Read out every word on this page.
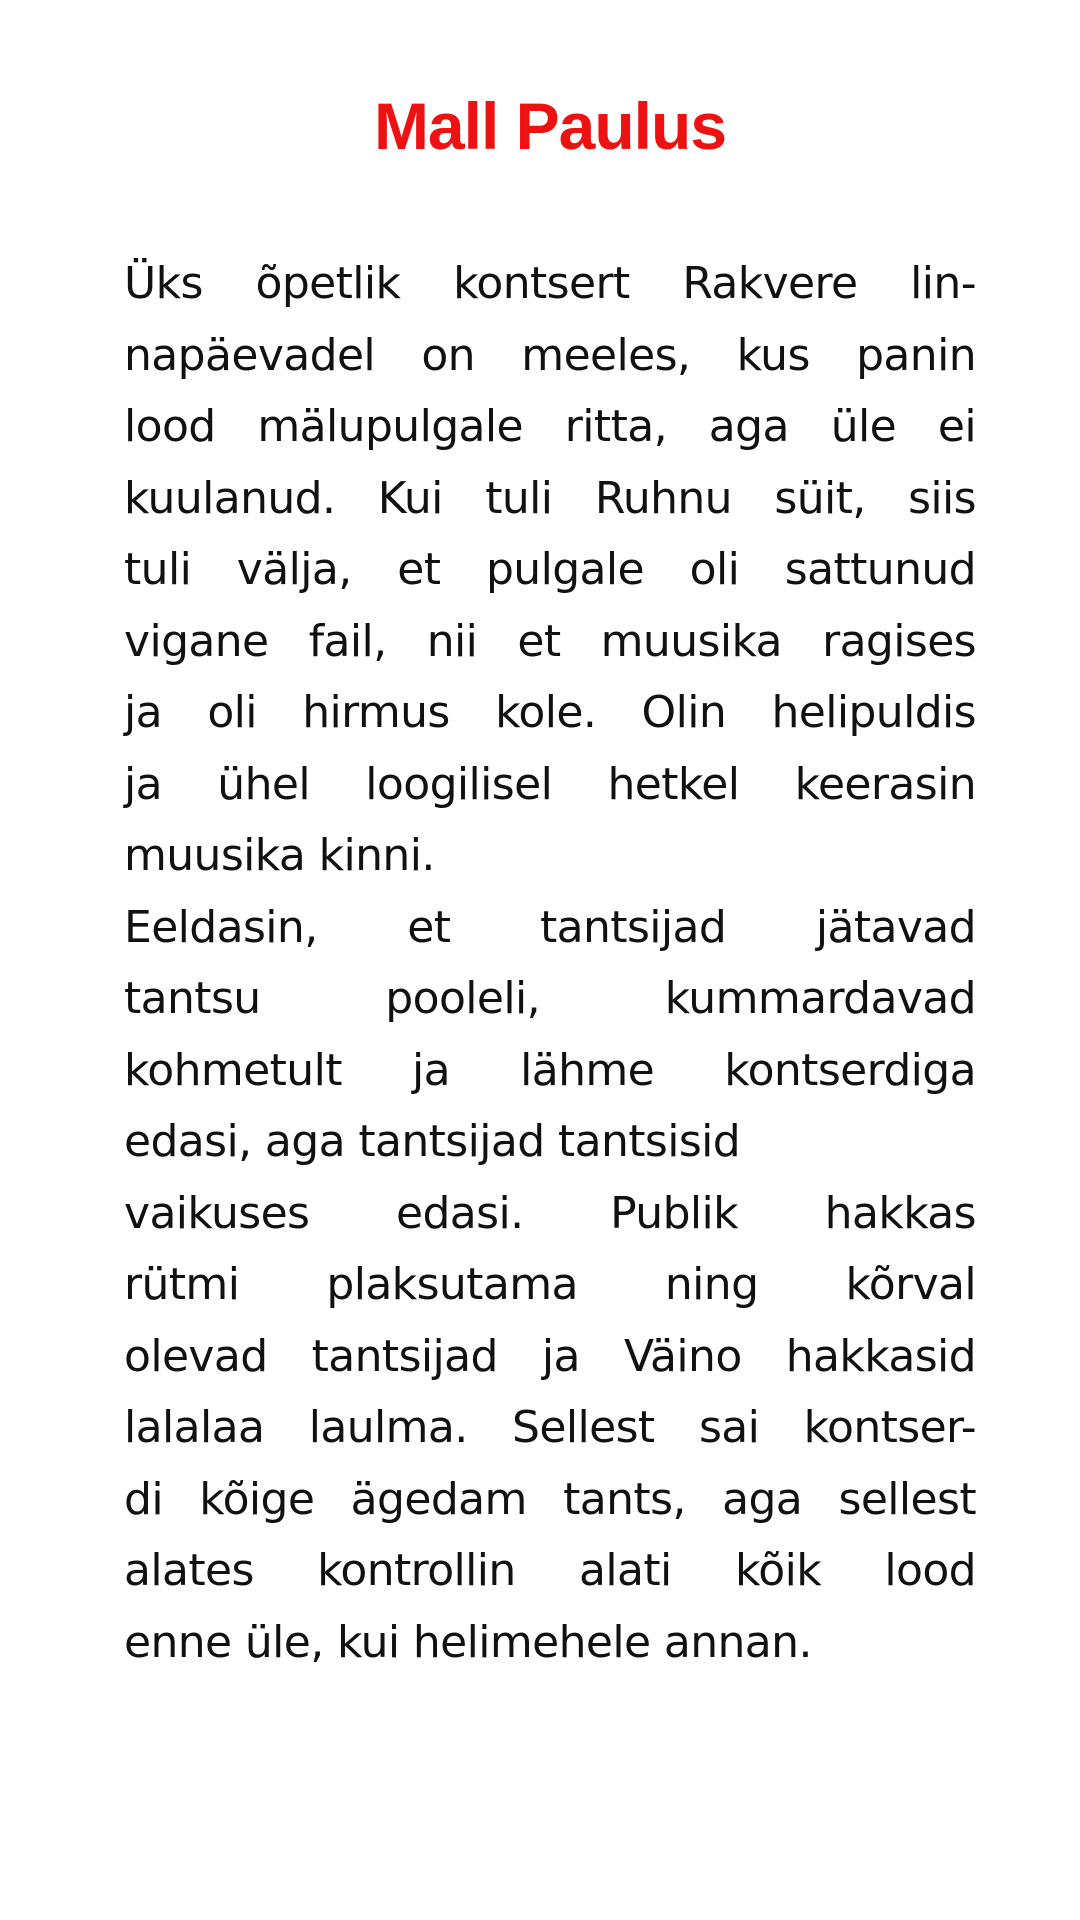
Mall Paulus

Üks õpetlik kontsert Rakvere lin-
napäevadel on meeles, kus panin
lood mälupulgale ritta, aga üle ei
kuulanud. Kui tuli Ruhnu süit, siis
tuli välja, et pulgale oli sattunud
vigane fail, nii et muusika ragises
ja oli hirmus kole. Olin helipuldis
ja ühel loogilisel hetkel keerasin
muusika kinni.

Eeldasin, et tantsijad jätavad
tantsu pooleli, kummardavad
kohmetult ja lähme kontserdiga
edasi, aga tantsijad tantsisid

vaikuses edasi. Publik hakkas
rütmi plaksutama ning kõrval
olevad tantsijad ja Väino hakkasid
lalalaa laulma. Sellest sai kontser-
di kõige ägedam tants, aga sellest
alates kontrollin alati kõik lood
enne üle, kui helimehele annan.
